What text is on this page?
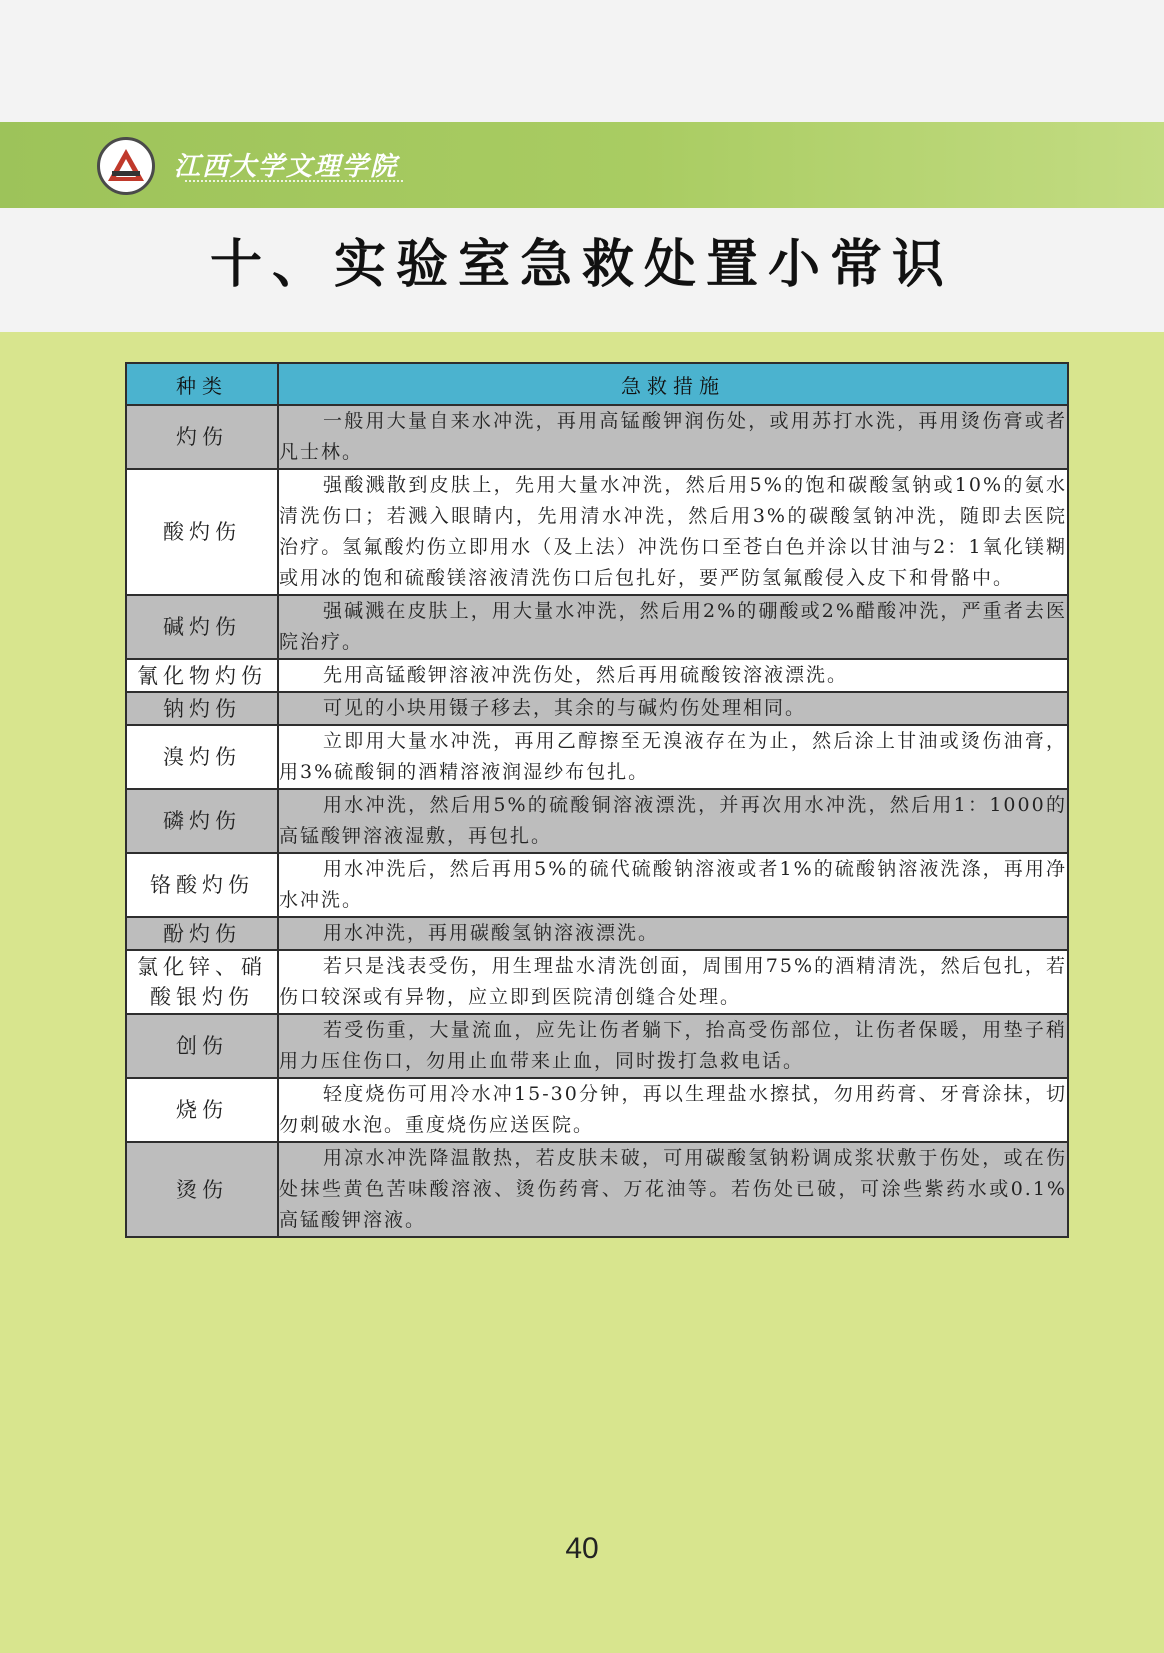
江西大学文理学院
十、实验室急救处置小常识
种类	急救措施
灼伤	一般用大量自来水冲洗，再用高锰酸钾润伤处，或用苏打水洗，再用烫伤膏或者凡士林。
酸灼伤	强酸溅散到皮肤上，先用大量水冲洗，然后用5%的饱和碳酸氢钠或10%的氨水清洗伤口；若溅入眼睛内，先用清水冲洗，然后用3%的碳酸氢钠冲洗，随即去医院治疗。氢氟酸灼伤立即用水（及上法）冲洗伤口至苍白色并涂以甘油与2：1氧化镁糊或用冰的饱和硫酸镁溶液清洗伤口后包扎好，要严防氢氟酸侵入皮下和骨骼中。
碱灼伤	强碱溅在皮肤上，用大量水冲洗，然后用2%的硼酸或2%醋酸冲洗，严重者去医院治疗。
氰化物灼伤	先用高锰酸钾溶液冲洗伤处，然后再用硫酸铵溶液漂洗。
钠灼伤	可见的小块用镊子移去，其余的与碱灼伤处理相同。
溴灼伤	立即用大量水冲洗，再用乙醇擦至无溴液存在为止，然后涂上甘油或烫伤油膏，用3%硫酸铜的酒精溶液润湿纱布包扎。
磷灼伤	用水冲洗，然后用5%的硫酸铜溶液漂洗，并再次用水冲洗，然后用1：1000的高锰酸钾溶液湿敷，再包扎。
铬酸灼伤	用水冲洗后，然后再用5%的硫代硫酸钠溶液或者1%的硫酸钠溶液洗涤，再用净水冲洗。
酚灼伤	用水冲洗，再用碳酸氢钠溶液漂洗。
氯化锌、硝酸银灼伤	若只是浅表受伤，用生理盐水清洗创面，周围用75%的酒精清洗，然后包扎，若伤口较深或有异物，应立即到医院清创缝合处理。
创伤	若受伤重，大量流血，应先让伤者躺下，抬高受伤部位，让伤者保暖，用垫子稍用力压住伤口，勿用止血带来止血，同时拨打急救电话。
烧伤	轻度烧伤可用冷水冲15-30分钟，再以生理盐水擦拭，勿用药膏、牙膏涂抹，切勿刺破水泡。重度烧伤应送医院。
烫伤	用凉水冲洗降温散热，若皮肤未破，可用碳酸氢钠粉调成浆状敷于伤处，或在伤处抹些黄色苦味酸溶液、烫伤药膏、万花油等。若伤处已破，可涂些紫药水或0.1%高锰酸钾溶液。
40
